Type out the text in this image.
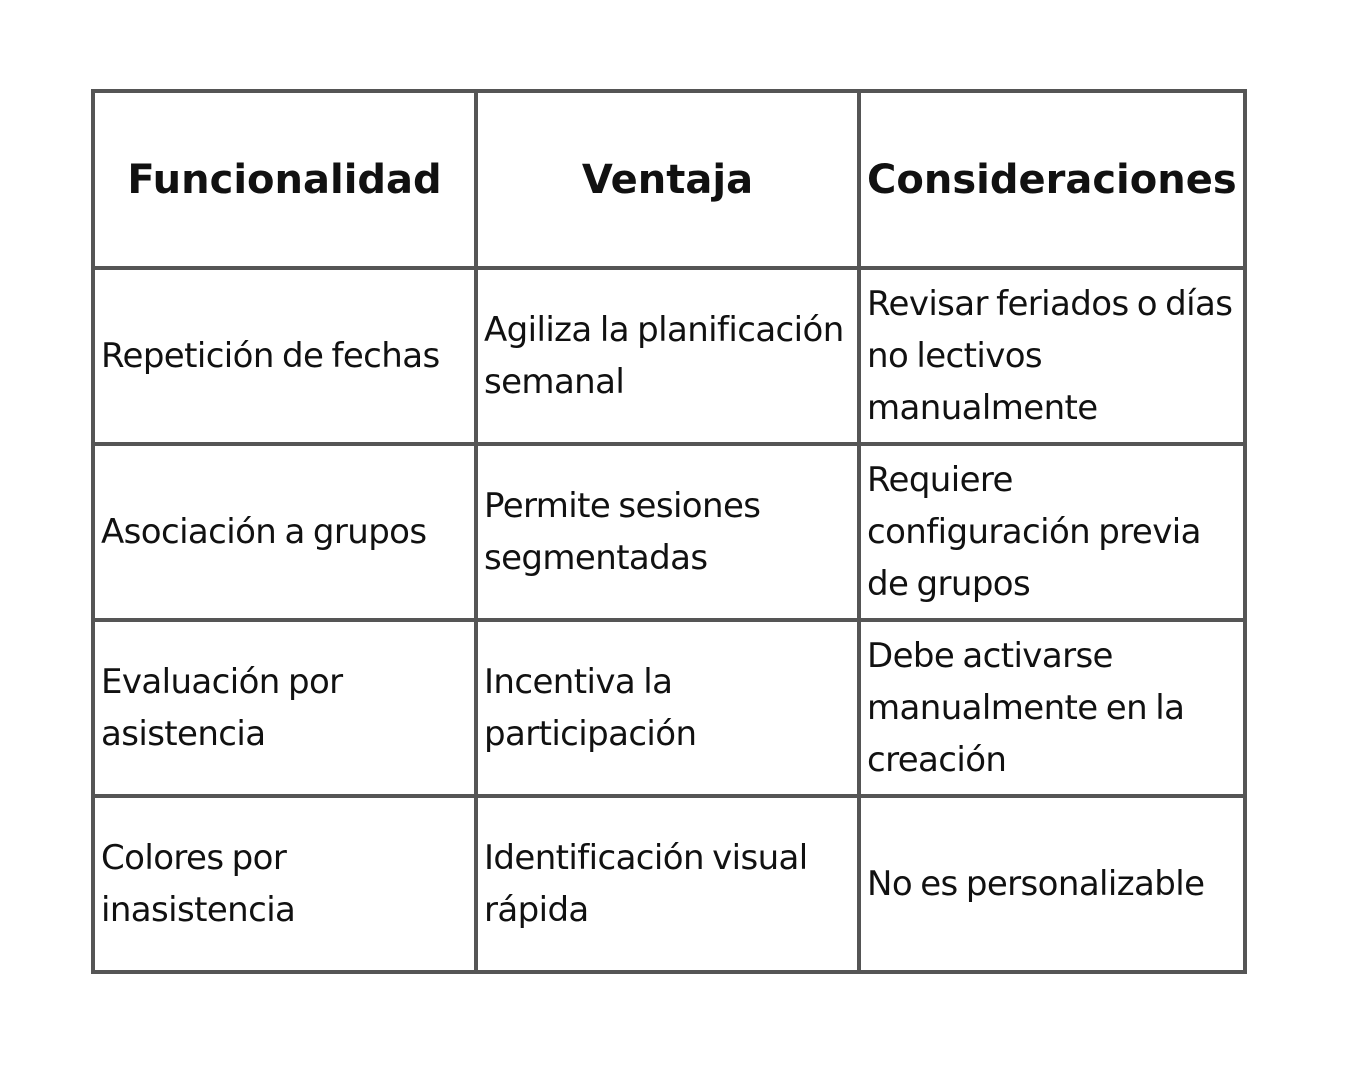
Funcionalidad	Ventaja	Consideraciones
Repetición de fechas	Agiliza la planificación semanal	Revisar feriados o días no lectivos manualmente
Asociación a grupos	Permite sesiones segmentadas	Requiere configuración previa de grupos
Evaluación por asistencia	Incentiva la participación	Debe activarse manualmente en la creación
Colores por inasistencia	Identificación visual rápida	No es personalizable
